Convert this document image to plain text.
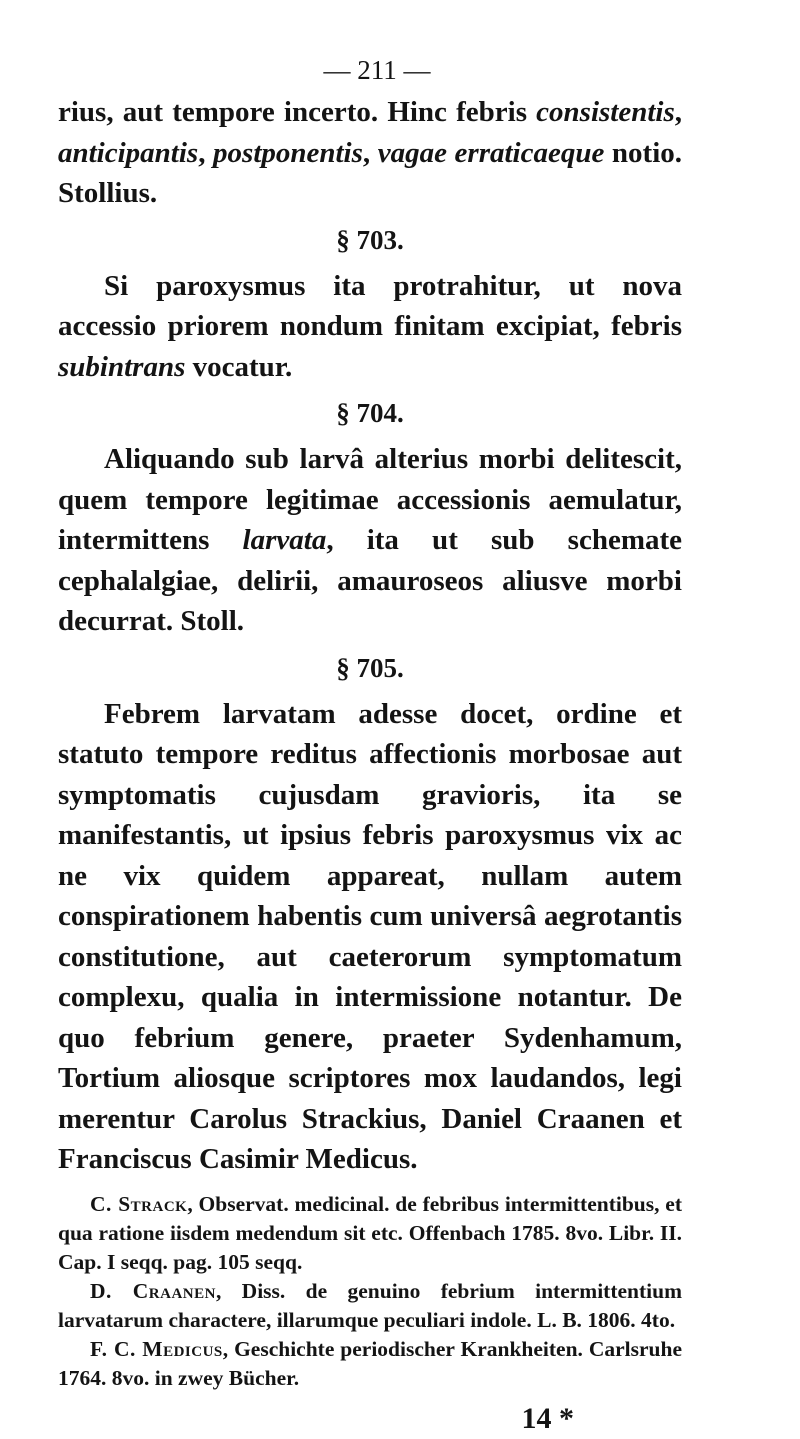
— 211 —

rius, aut tempore incerto. Hinc febris consistentis, anticipantis, postponentis, vagae erraticaeque notio. Stollius.

§ 703.

Si paroxysmus ita protrahitur, ut nova accessio priorem nondum finitam excipiat, febris subintrans vocatur.

§ 704.

Aliquando sub larvâ alterius morbi delitescit, quem tempore legitimae accessionis aemulatur, intermittens larvata, ita ut sub schemate cephalalgiae, delirii, amauroseos aliusve morbi decurrat. Stoll.

§ 705.

Febrem larvatam adesse docet, ordine et statuto tempore reditus affectionis morbosae aut symptomatis cujusdam gravioris, ita se manifestantis, ut ipsius febris paroxysmus vix ac ne vix quidem appareat, nullam autem conspirationem habentis cum universâ aegrotantis constitutione, aut caeterorum symptomatum complexu, qualia in intermissione notantur. De quo febrium genere, praeter Sydenhamum, Tortium aliosque scriptores mox laudandos, legi merentur Carolus Strackius, Daniel Craanen et Franciscus Casimir Medicus.

C. Strack, Observat. medicinal. de febribus intermittentibus, et qua ratione iisdem medendum sit etc. Offenbach 1785. 8vo. Libr. II. Cap. I seqq. pag. 105 seqq.

D. Craanen, Diss. de genuino febrium intermittentium larvatarum charactere, illarumque peculiari indole. L. B. 1806. 4to.

F. C. Medicus, Geschichte periodischer Krankheiten. Carlsruhe 1764. 8vo. in zwey Bücher.

14 *
